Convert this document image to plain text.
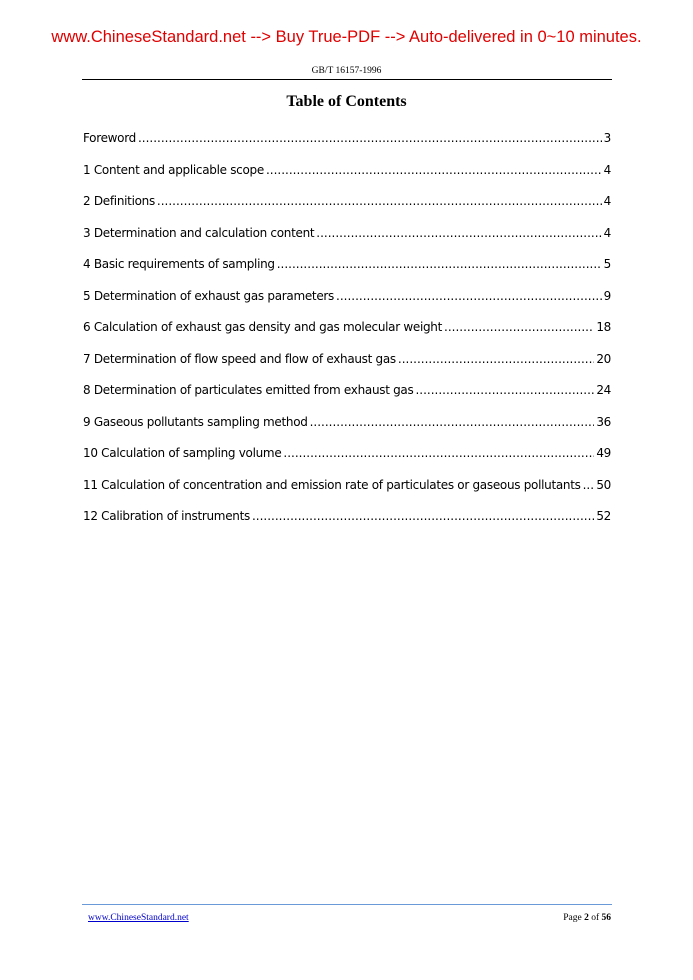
www.ChineseStandard.net --> Buy True-PDF --> Auto-delivered in 0~10 minutes.
GB/T 16157-1996
Table of Contents
Foreword .....	3
1 Content and applicable scope .....	4
2 Definitions .....	4
3 Determination and calculation content .....	4
4 Basic requirements of sampling .....	5
5 Determination of exhaust gas parameters .....	9
6 Calculation of exhaust gas density and gas molecular weight .....	18
7 Determination of flow speed and flow of exhaust gas .....	20
8 Determination of particulates emitted from exhaust gas .....	24
9 Gaseous pollutants sampling method .....	36
10 Calculation of sampling volume .....	49
11 Calculation of concentration and emission rate of particulates or gaseous pollutants ..... 50
12 Calibration of instruments .....	52
www.ChineseStandard.net	Page 2 of 56
